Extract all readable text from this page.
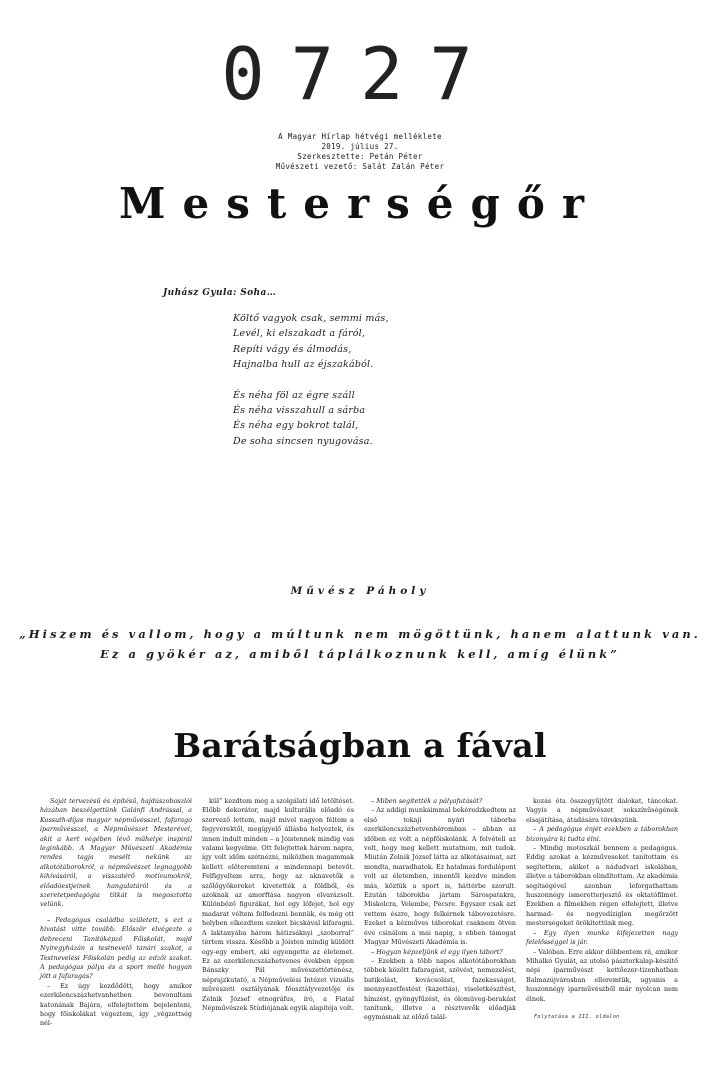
0727
A Magyar Hírlap hétvégi melléklete
2019. július 27.
Szerkesztette: Petán Péter
Művészeti vezető: Salát Zalán Péter
Mesterségőr
Juhász Gyula: Soha…
Költő vagyok csak, semmi más,
Levél, ki elszakadt a fáról,
Repíti vágy és álmodás,
Hajnalba hull az éjszakából.
És néha föl az égre száll
És néha visszahull a sárba
És néha egy bokrot talál,
De soha sincsen nyugovása.
Művész Páholy
„Hiszem és vallom, hogy a múltunk nem mögöttünk, hanem alattunk van.
Ez a gyökér az, amiből táplálkoznunk kell, amíg élünk”
Barátságban a fával

Saját tervezésű és építésű, hajdúszoboszlói házában beszélgettünk Galánfi Andrással, a Kossuth-díjas magyar népművésszel, fafaragó iparművésszel, a Népművészet Mesterével, akit a kert végében lévő műhelye inspirál leginkább. A Magyar Művészeti Akadémia rendes tagja mesélt nekünk az alkotótáborokról, a népművészet legnagyobb kihívásáról, a visszatérő motívumokról, előadóestjeinek hangulatáról és a szeretetpedagógia titkát is megosztotta velünk.

– Pedagógus családba született, s ezt a hivatást vitte tovább. Először elvégezte a debreceni Tanítóképző Főiskolát, majd Nyíregyházán a testnevelő tanári szakot, a Testnevelési Főiskolán pedig az edzői szakot. A pedagógus pálya és a sport mellé hogyan jött a fafaragás?

– Ez úgy kezdődött, hogy amikor ezerkilencszázhetvanhetben bevonultam katonának Bajára, elfelejtettem bejelenteni, hogy főiskolákat végeztem, így „végzettség nél-

kül” kezdtem meg a szolgálati idő letöltését. Előbb dekorátor, majd kulturális előadó és szervező lettem, majd mivel nagyon féltem a fegyverektől, megígyelő állásba helyeztek, és innen indult minden – a Jóistennek mindig van valami kegyelme. Ott felejtettek három napra, így volt időm szétnézni, miközben magammak kellett előteremteni a mindennapi betevőt. Felfigyeltem arra, hogy az aknavetők a szőlőgyökereket kivetették a földből, és azoknak az amorftása nagyon elvarázsolt. Különböző figurákat, hol egy lófejet, hol egy madarat véltem felfedezni bennük, és még ott helyben elkezdtem ezeket bicskával kifaragni. A laktanyába három hátizsáknyi „szoborral” tértem vissza. Később a Jóisten mindig küldött egy-egy embert, aki egyengette az életemet. Ez az ezerkilencszázhetvenes években éppen Bánszky Pál művészettörténész, néprajzkutató, a Népművelési Intézet vizuális művészeti osztályának főosztályvezetője és Zelnik József etnográfus, író, a Fiatal Népművészek Stúdiójának egyik alapítója volt.

– Miben segítették a pályafutását?

– Az addigi munkáimmal bekéredzkedtem az első tokaji nyári táborba ezerkilencszázhetvenhéromban – abban az időben ez volt a népfőiskolánk. A felvételi az volt, hogy meg kellett mutatnom, mit tudok. Miután Zelnik József látta az alkotásaimat, azt mondta, maradhatok. Ez hatalmas fordulópont volt az életemben, innentől kezdve minden más, köztük a sport is, háttérbe szorult. Ezután táborokba jártam Sárospatakra, Miskolcra, Velembe, Pécsre. Egyszer csak azt vettem észre, hogy felkérnek tábovezetésre. Ezeket a kézműves táborokat csaknem ötven éve csinálom a mai napig, s ebben támogat Magyar Művészeti Akadémia is.

– Hogyan képzeljünk el egy ilyen tábort?

– Ezekben a több napos alkotótáborokban többek között fafaragást, szövést, nemezelést, batikolást, kovácsolást, fazekasságot, mennyezetfestést (kazettás), viseletkészítést, hímzést, gyöngyfűzést, és ólomüveg-berakást tanítunk, illetve a résztvevők előadják egymásnak az előző talál-

kozás óta összegyűjtött dalokat, táncokat. Vagyis a népművészet sokszínűségének elsajátítása, átadására törekszünk.

– A pedagógus énjét ezekben a táborokban bizonyára ki tudta élni.

– Mindig motoszkál bennem a pedagógus. Eddig azokat a kézműveseket tanítottam és segítettem, akiket a nádudvari iskolában, illetve a táborokban elindítottam. Az akadémia segítségével azonban leforgathattam huszonnégy ismeretterjesztő és oktatófilmet. Ezekben a filmekben régen elfelejtett, illetve harmad- és negyedíziglen megőrzött mesterségeket örökítettünk meg.

– Egy ilyen munka kifejezetten nagy felelősséggel is jár.

– Valóban. Erre akkor döbbentem rá, amikor Mihalkó Gyulát, az utolsó pásztorkalap-készítő népi iparművészt kettőezer-tizenhatban Balmazújvárosban elleremtük, ugyanis a huszonnégy iparművészből már nyolcan nem élnek.

Folytatása a III. oldalon
